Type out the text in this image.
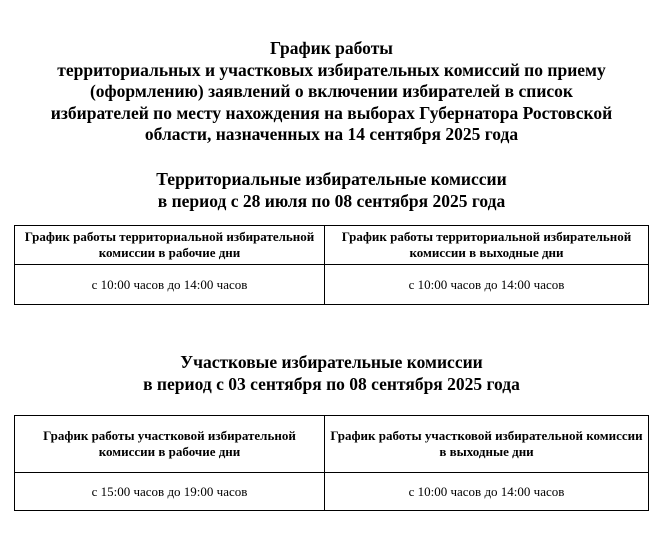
График работы
территориальных и участковых избирательных комиссий по приему
(оформлению) заявлений о включении избирателей в список
избирателей по месту нахождения на выборах Губернатора Ростовской
области, назначенных на 14 сентября 2025 года
Территориальные избирательные комиссии
в период с 28 июля по 08 сентября 2025 года
График работы территориальной избирательной комиссии в рабочие дни	График работы территориальной избирательной комиссии в выходные дни
с 10:00 часов до 14:00 часов	с 10:00 часов до 14:00 часов
Участковые избирательные комиссии
в период с 03 сентября по 08 сентября 2025 года
График работы участковой избирательной комиссии в рабочие дни	График работы участковой избирательной комиссии в выходные дни
с 15:00 часов до 19:00 часов	с 10:00 часов до 14:00 часов
